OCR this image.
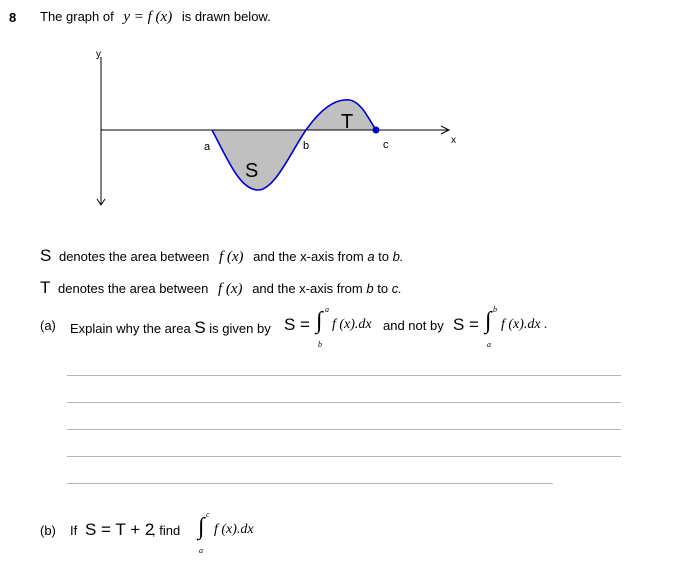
8 The graph of y = f (x) is drawn below.
y
x
a	b	c
S
T
S denotes the area between f (x) and the x-axis from a to b.
T denotes the area between f (x) and the x-axis from b to c.
(a) Explain why the area S is given by S = ∫ a
b
f (x).dx and not by S = ∫ b
a
f (x).dx .
(b) If S = T + 2
, find ∫ c
a
f (x).dx
